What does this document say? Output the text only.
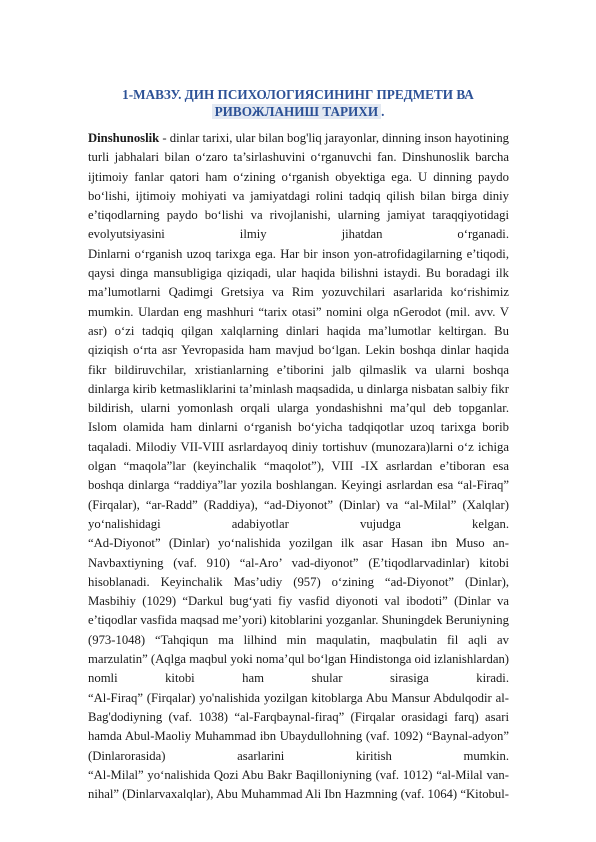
1-МАВЗУ. ДИН ПСИХОЛОГИЯСИНИНГ ПРЕДМЕТИ ВА
РИВОЖЛАНИШ ТАРИХИ .
Dinshunoslik - dinlar tarixi, ular bilan bog'liq jarayonlar, dinning inson hayotining
turli jabhalari bilan o‘zaro ta’sirlashuvini o‘rganuvchi fan. Dinshunoslik barcha
ijtimoiy fanlar qatori ham o‘zining o‘rganish obyektiga ega. U dinning paydo
bo‘lishi, ijtimoiy mohiyati va jamiyatdagi rolini tadqiq qilish bilan birga diniy
e’tiqodlarning paydo bo‘lishi va rivojlanishi, ularning jamiyat taraqqiyotidagi
evolyutsiyasini ilmiy jihatdan o‘rganadi.
Dinlarni o‘rganish uzoq tarixga ega. Har bir inson yon-atrofidagilarning e’tiqodi,
qaysi dinga mansubligiga qiziqadi, ular haqida bilishni istaydi. Bu boradagi ilk
ma’lumotlarni Qadimgi Gretsiya va Rim yozuvchilari asarlarida ko‘rishimiz
mumkin. Ulardan eng mashhuri “tarix otasi” nomini olga nGerodot (mil. avv. V
asr) o‘zi tadqiq qilgan xalqlarning dinlari haqida ma’lumotlar keltirgan. Bu
qiziqish o‘rta asr Yevropasida ham mavjud bo‘lgan. Lekin boshqa dinlar haqida
fikr bildiruvchilar, xristianlarning e’tiborini jalb qilmaslik va ularni boshqa
dinlarga kirib ketmasliklarini ta’minlash maqsadida, u dinlarga nisbatan salbiy fikr
bildirish, ularni yomonlash orqali ularga yondashishni ma’qul deb topganlar.
Islom olamida ham dinlarni o‘rganish bo‘yicha tadqiqotlar uzoq tarixga borib
taqaladi. Milodiy VII-VIII asrlardayoq diniy tortishuv (munozara)larni o‘z ichiga
olgan “maqola”lar (keyinchalik “maqolot”), VIII -IX asrlardan e’tiboran esa
boshqa dinlarga “raddiya”lar yozila boshlangan. Keyingi asrlardan esa “al-Firaq”
(Firqalar), “ar-Radd” (Raddiya), “ad-Diyonot” (Dinlar) va “al-Milal” (Xalqlar)
yo‘nalishidagi adabiyotlar vujudga kelgan.
“Ad-Diyonot” (Dinlar) yo‘nalishida yozilgan ilk asar Hasan ibn Muso an-
Navbaxtiyning (vaf. 910) “al-Aro’ vad-diyonot” (E’tiqodlarvadinlar) kitobi
hisoblanadi. Keyinchalik Mas’udiy (957) o‘zining “ad-Diyonot” (Dinlar),
Masbihiy (1029) “Darkul bug‘yati fiy vasfid diyonoti val ibodoti” (Dinlar va
e’tiqodlar vasfida maqsad me’yori) kitoblarini yozganlar. Shuningdek Beruniyning
(973-1048) “Tahqiqun ma lilhind min maqulatin, maqbulatin fil aqli av
marzulatin” (Aqlga maqbul yoki noma’qul bo‘lgan Hindistonga oid izlanishlardan)
nomli kitobi ham shular sirasiga kiradi.
“Al-Firaq” (Firqalar) yo'nalishida yozilgan kitoblarga Abu Mansur Abdulqodir al-
Bag'dodiyning (vaf. 1038) “al-Farqbaynal-firaq” (Firqalar orasidagi farq) asari
hamda Abul-Maoliy Muhammad ibn Ubaydullohning (vaf. 1092) “Baynal-adyon”
(Dinlarorasida) asarlarini kiritish mumkin.
“Al-Milal” yo‘nalishida Qozi Abu Bakr Baqilloniyning (vaf. 1012) “al-Milal van-
nihal” (Dinlarvaxalqlar), Abu Muhammad Ali Ibn Hazmning (vaf. 1064) “Kitobul-
